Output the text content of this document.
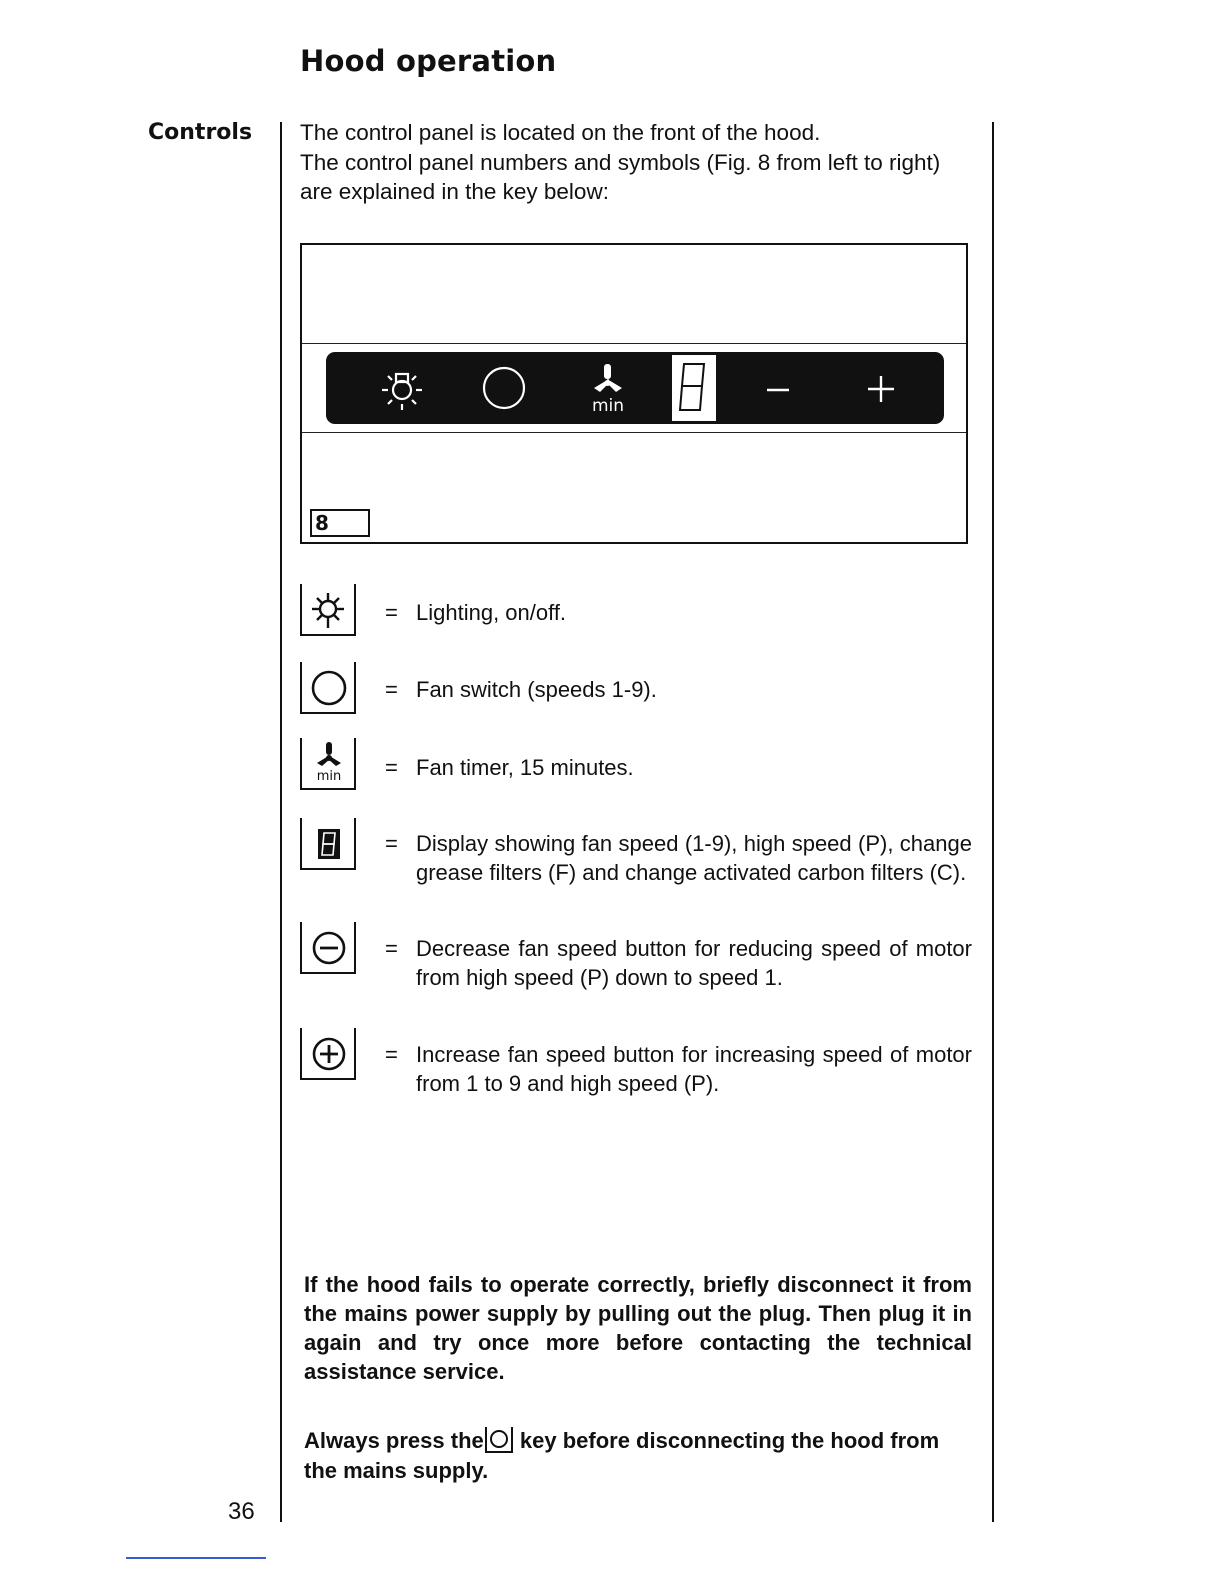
Hood operation
Controls The control panel is located on the front of the hood.
The control panel numbers and symbols (Fig. 8 from left to right)
are explained in the key below:
min
8
= Lighting, on/off.
= Fan switch (speeds 1-9).
min = Fan timer, 15 minutes.
= Display showing fan speed (1-9), high speed (P), change grease filters (F) and change activated carbon filters (C).
= Decrease fan speed button for reducing speed of motor from high speed (P) down to speed 1.
= Increase fan speed button for increasing speed of motor from 1 to 9 and high speed (P).
If the hood fails to operate correctly, briefly disconnect it from the mains power supply by pulling out the plug. Then plug it in again and try once more before contacting the technical assistance service.
Always press the key before disconnecting the hood from the mains supply.
36
